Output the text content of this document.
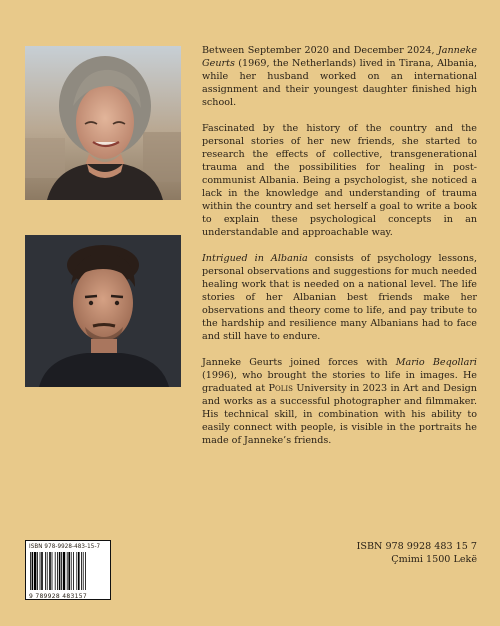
Between September 2020 and December 2024, Janneke Geurts (1969, the Netherlands) lived in Tirana, Albania, while her husband worked on an international assignment and their youngest daughter finished high school.

Fascinated by the history of the country and the personal stories of her new friends, she started to research the effects of collective, transgenerational trauma and the possibilities for healing in post-communist Albania. Being a psychologist, she noticed a lack in the knowledge and understanding of trauma within the country and set herself a goal to write a book to explain these psychological concepts in an understandable and approachable way.

Intrigued in Albania consists of psychology lessons, personal observations and suggestions for much needed healing work that is needed on a national level. The life stories of her Albanian best friends make her observations and theory come to life, and pay tribute to the hardship and resilience many Albanians had to face and still have to endure.

Janneke Geurts joined forces with Mario Beqollari (1996), who brought the stories to life in images. He graduated at Polis University in 2023 in Art and Design and works as a successful photographer and filmmaker. His technical skill, in combination with his ability to easily connect with people, is visible in the portraits he made of Janneke’s friends.

ISBN 978-9928-483-15-7
9 789928 483157
ISBN 978 9928 483 15 7
Çmimi 1500 Lekë
